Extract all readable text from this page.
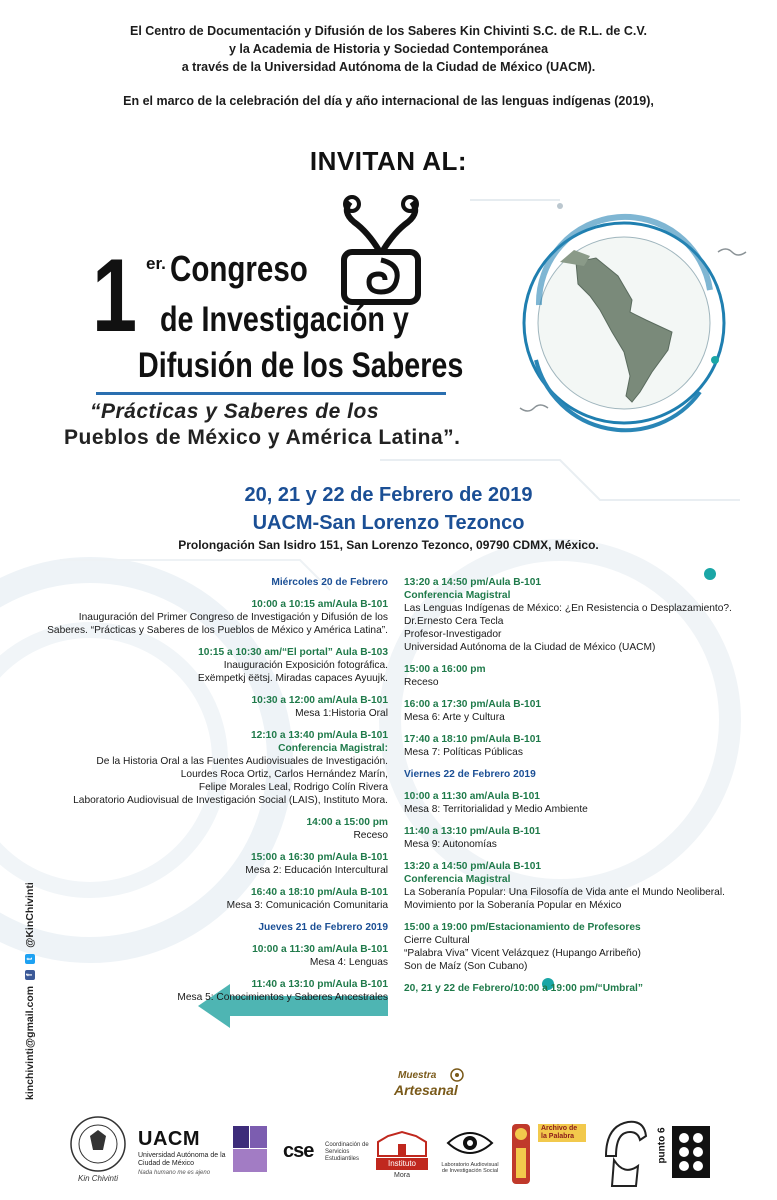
El Centro de Documentación y Difusión de los Saberes Kin Chivinti S.C. de R.L. de C.V.
y la Academia de Historia y Sociedad Contemporánea
a través de la Universidad Autónoma de la Ciudad de México (UACM).
En el marco de la celebración del día y año internacional de las lenguas indígenas (2019),
INVITAN AL:
1 er. Congreso
de Investigación y
Difusión de los Saberes
“Prácticas y Saberes de los
Pueblos de México y América Latina”.
20, 21 y 22 de Febrero de 2019
UACM-San Lorenzo Tezonco
Prolongación San Isidro 151, San Lorenzo Tezonco, 09790 CDMX, México.
Miércoles 20 de Febrero
10:00 a 10:15 am/Aula B-101
Inauguración del Primer Congreso de Investigación y Difusión de los
Saberes. “Prácticas y Saberes de los Pueblos de México y América Latina”.
10:15 a 10:30 am/“El portal” Aula B-103
Inauguración Exposición fotográfica.
Exëmpetkj ëëtsj. Miradas capaces Ayuujk.
10:30 a 12:00 am/Aula B-101
Mesa 1:Historia Oral
12:10 a 13:40 pm/Aula B-101
Conferencia Magistral:
De la Historia Oral a las Fuentes Audiovisuales de Investigación.
Lourdes Roca Ortiz, Carlos Hernández Marín,
Felipe Morales Leal, Rodrigo Colín Rivera
Laboratorio Audiovisual de Investigación Social (LAIS), Instituto Mora.
14:00 a 15:00 pm
Receso
15:00 a 16:30 pm/Aula B-101
Mesa 2: Educación Intercultural
16:40 a 18:10 pm/Aula B-101
Mesa 3: Comunicación Comunitaria
Jueves 21 de Febrero 2019
10:00 a 11:30 am/Aula B-101
Mesa 4: Lenguas
11:40 a 13:10 pm/Aula B-101
Mesa 5: Conocimientos y Saberes Ancestrales
13:20 a 14:50 pm/Aula B-101
Conferencia Magistral
Las Lenguas Indígenas de México: ¿En Resistencia o Desplazamiento?.
Dr.Ernesto Cera Tecla
Profesor-Investigador
Universidad Autónoma de la Ciudad de México (UACM)
15:00 a 16:00 pm
Receso
16:00 a 17:30 pm/Aula B-101
Mesa 6: Arte y Cultura
17:40 a 18:10 pm/Aula B-101
Mesa 7: Políticas Públicas
Viernes 22 de Febrero 2019
10:00 a 11:30 am/Aula B-101
Mesa 8: Territorialidad y Medio Ambiente
11:40 a 13:10 pm/Aula B-101
Mesa 9: Autonomías
13:20 a 14:50 pm/Aula B-101
Conferencia Magistral
La Soberanía Popular: Una Filosofía de Vida ante el Mundo Neoliberal.
Movimiento por la Soberanía Popular en México
15:00 a 19:00 pm/Estacionamiento de Profesores
Cierre Cultural
“Palabra Viva” Vicent Velázquez (Hupango Arribeño)
Son de Maíz (Son Cubano)
20, 21 y 22 de Febrero/10:00 a 19:00 pm/“Umbral”
kinchivinti@gmail.com
f
t
@KinChivinti
Muestra
Artesanal
Kin Chivinti
UACM
Universidad Autónoma de la Ciudad de México
Nada humano me es ajeno
cse Coordinación de Servicios Estudiantiles	Instituto
Mora
Laboratorio Audiovisual de Investigación Social
Archivo de la Palabra	punto 6
